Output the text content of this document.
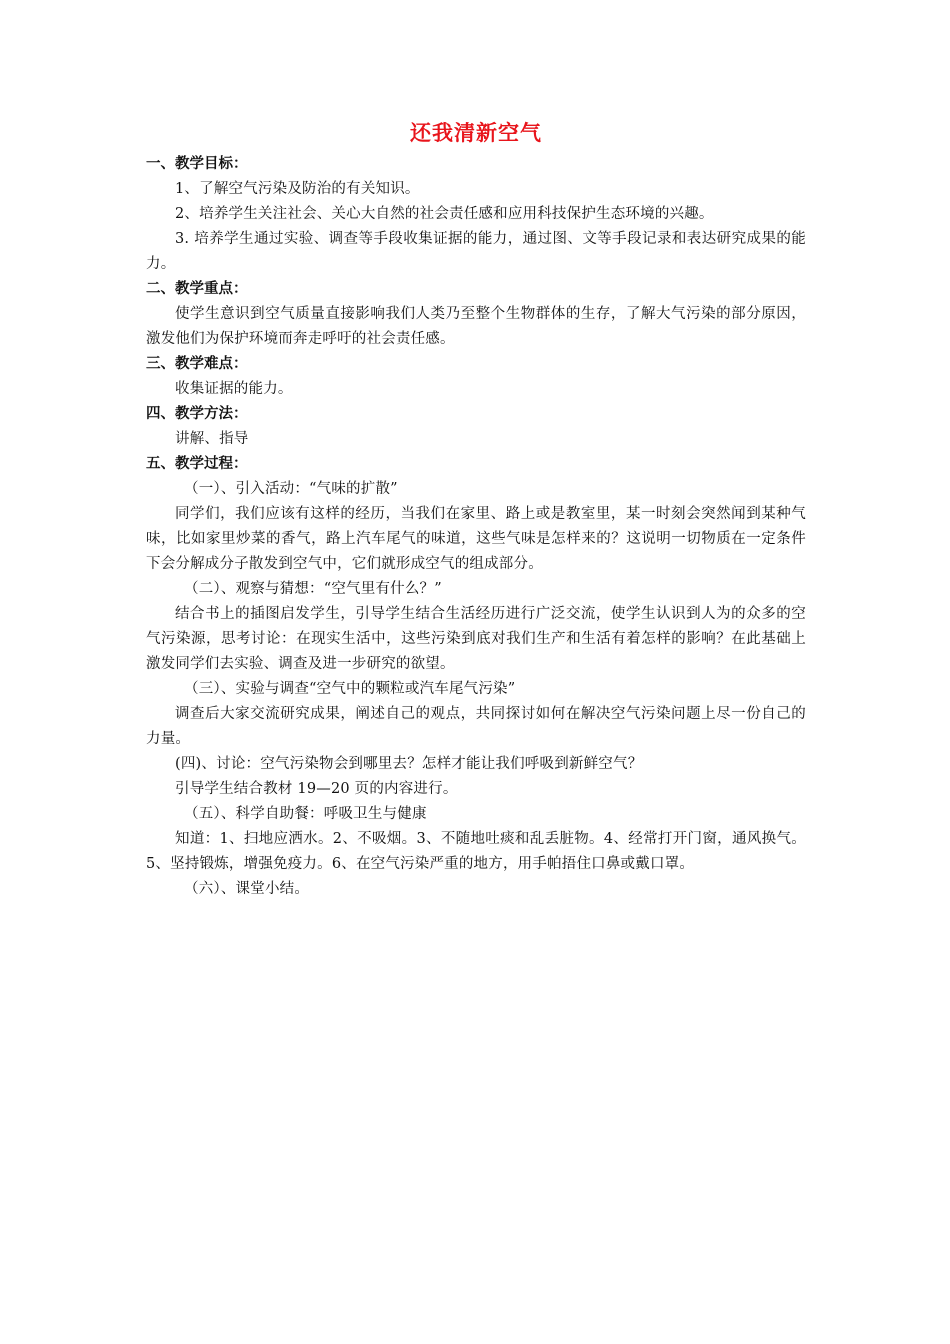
还我清新空气

一、教学目标：

1、了解空气污染及防治的有关知识。

2、培养学生关注社会、关心大自然的社会责任感和应用科技保护生态环境的兴趣。

3. 培养学生通过实验、调查等手段收集证据的能力，通过图、文等手段记录和表达研究成果的能力。

二、教学重点：

使学生意识到空气质量直接影响我们人类乃至整个生物群体的生存，了解大气污染的部分原因，激发他们为保护环境而奔走呼吁的社会责任感。

三、教学难点：

收集证据的能力。

四、教学方法：

讲解、指导

五、教学过程：

（一）、引入活动：“气味的扩散”

同学们，我们应该有这样的经历，当我们在家里、路上或是教室里，某一时刻会突然闻到某种气味，比如家里炒菜的香气，路上汽车尾气的味道，这些气味是怎样来的？这说明一切物质在一定条件下会分解成分子散发到空气中，它们就形成空气的组成部分。

（二）、观察与猜想：“空气里有什么？”

结合书上的插图启发学生，引导学生结合生活经历进行广泛交流，使学生认识到人为的众多的空气污染源，思考讨论：在现实生活中，这些污染到底对我们生产和生活有着怎样的影响？在此基础上激发同学们去实验、调查及进一步研究的欲望。

（三）、实验与调查“空气中的颗粒或汽车尾气污染”

调查后大家交流研究成果，阐述自己的观点，共同探讨如何在解决空气污染问题上尽一份自己的力量。

(四)、讨论：空气污染物会到哪里去？怎样才能让我们呼吸到新鲜空气？

引导学生结合教材 19—20 页的内容进行。

（五）、科学自助餐：呼吸卫生与健康

知道：1、扫地应洒水。2、不吸烟。3、不随地吐痰和乱丢脏物。4、经常打开门窗，通风换气。5、坚持锻炼，增强免疫力。6、在空气污染严重的地方，用手帕捂住口鼻或戴口罩。

（六）、课堂小结。
